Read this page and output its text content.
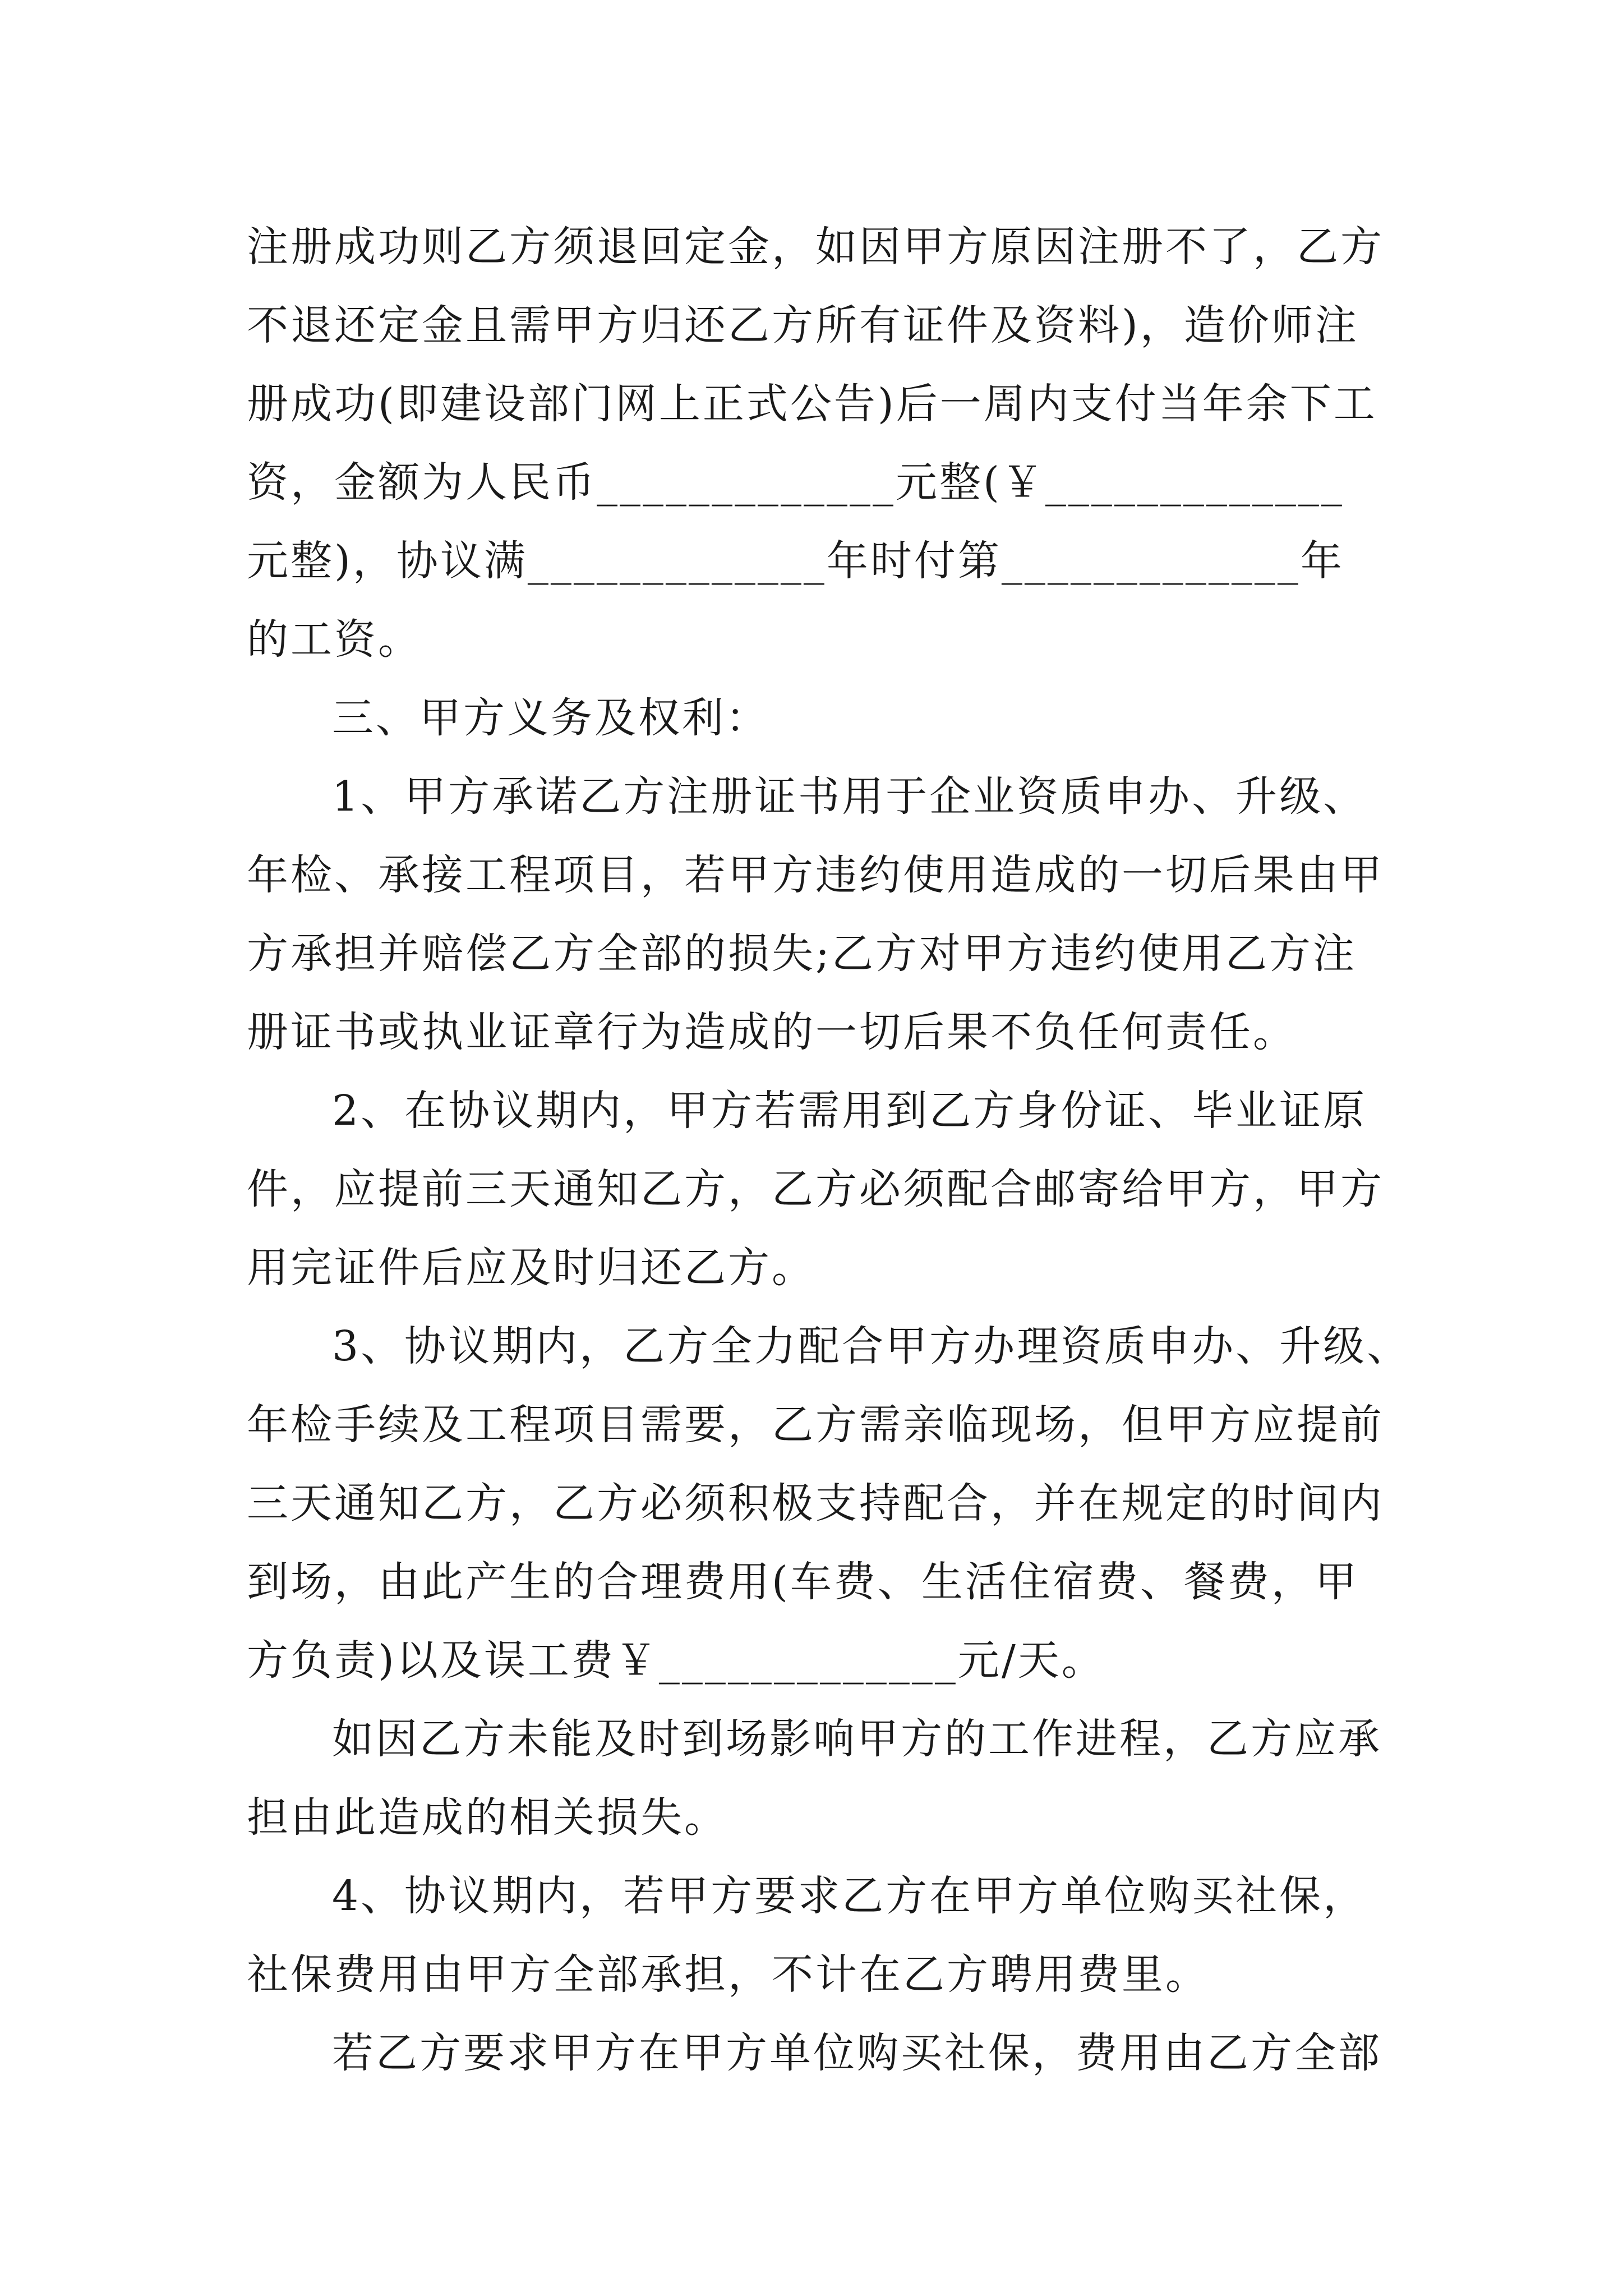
注册成功则乙方须退回定金，如因甲方原因注册不了，乙方
不退还定金且需甲方归还乙方所有证件及资料)，造价师注
册成功(即建设部门网上正式公告)后一周内支付当年余下工
资，金额为人民币_____________元整(￥_____________
元整)，协议满_____________年时付第_____________年
的工资。
三、甲方义务及权利：
1、甲方承诺乙方注册证书用于企业资质申办、升级、
年检、承接工程项目，若甲方违约使用造成的一切后果由甲
方承担并赔偿乙方全部的损失;乙方对甲方违约使用乙方注
册证书或执业证章行为造成的一切后果不负任何责任。
2、在协议期内，甲方若需用到乙方身份证、毕业证原
件，应提前三天通知乙方，乙方必须配合邮寄给甲方，甲方
用完证件后应及时归还乙方。
3、协议期内，乙方全力配合甲方办理资质申办、升级、
年检手续及工程项目需要，乙方需亲临现场，但甲方应提前
三天通知乙方，乙方必须积极支持配合，并在规定的时间内
到场，由此产生的合理费用(车费、生活住宿费、餐费，甲
方负责)以及误工费￥_____________元/天。
如因乙方未能及时到场影响甲方的工作进程，乙方应承
担由此造成的相关损失。
4、协议期内，若甲方要求乙方在甲方单位购买社保，
社保费用由甲方全部承担，不计在乙方聘用费里。
若乙方要求甲方在甲方单位购买社保，费用由乙方全部
